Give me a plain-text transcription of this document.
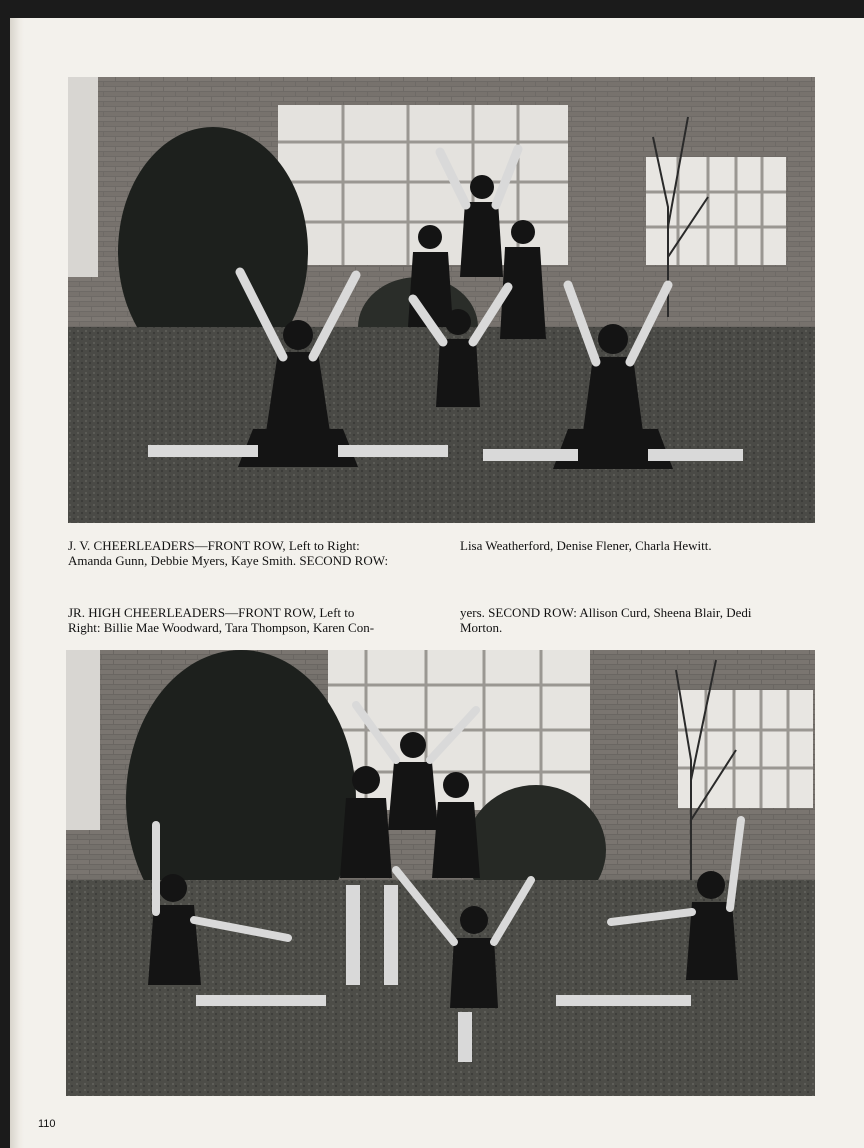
J. V. CHEERLEADERS—FRONT ROW, Left to Right:
Amanda Gunn, Debbie Myers, Kaye Smith. SECOND ROW:
Lisa Weatherford, Denise Flener, Charla Hewitt.
JR. HIGH CHEERLEADERS—FRONT ROW, Left to
Right: Billie Mae Woodward, Tara Thompson, Karen Con-
yers. SECOND ROW: Allison Curd, Sheena Blair, Dedi
Morton.
110
